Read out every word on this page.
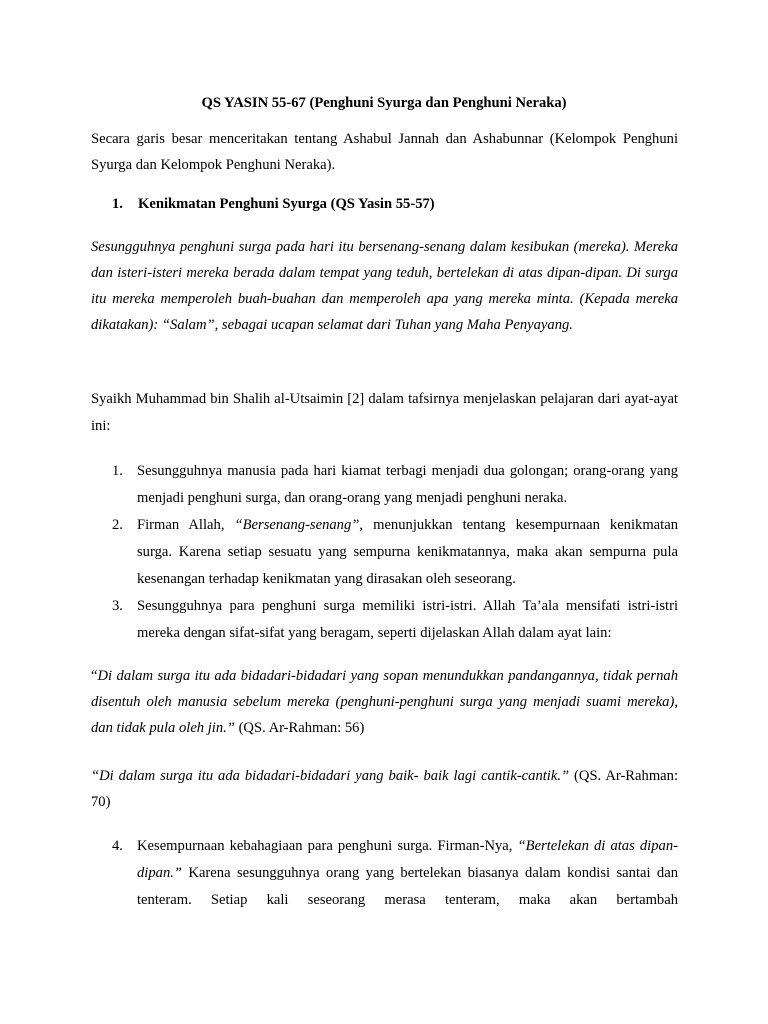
QS YASIN 55-67 (Penghuni Syurga dan Penghuni Neraka)
Secara garis besar menceritakan tentang Ashabul Jannah dan Ashabunnar (Kelompok Penghuni Syurga dan Kelompok Penghuni Neraka).
1. Kenikmatan Penghuni Syurga (QS Yasin 55-57)
Sesungguhnya penghuni surga pada hari itu bersenang-senang dalam kesibukan (mereka). Mereka dan isteri-isteri mereka berada dalam tempat yang teduh, bertelekan di atas dipan-dipan. Di surga itu mereka memperoleh buah-buahan dan memperoleh apa yang mereka minta. (Kepada mereka dikatakan): “Salam”, sebagai ucapan selamat dari Tuhan yang Maha Penyayang.
Syaikh Muhammad bin Shalih al-Utsaimin [2] dalam tafsirnya menjelaskan pelajaran dari ayat-ayat ini:
1. Sesungguhnya manusia pada hari kiamat terbagi menjadi dua golongan; orang-orang yang menjadi penghuni surga, dan orang-orang yang menjadi penghuni neraka.
2. Firman Allah, “Bersenang-senang”, menunjukkan tentang kesempurnaan kenikmatan surga. Karena setiap sesuatu yang sempurna kenikmatannya, maka akan sempurna pula kesenangan terhadap kenikmatan yang dirasakan oleh seseorang.
3. Sesungguhnya para penghuni surga memiliki istri-istri. Allah Ta’ala mensifati istri-istri mereka dengan sifat-sifat yang beragam, seperti dijelaskan Allah dalam ayat lain:
“Di dalam surga itu ada bidadari-bidadari yang sopan menundukkan pandangannya, tidak pernah disentuh oleh manusia sebelum mereka (penghuni-penghuni surga yang menjadi suami mereka), dan tidak pula oleh jin.” (QS. Ar-Rahman: 56)
“Di dalam surga itu ada bidadari-bidadari yang baik- baik lagi cantik-cantik.” (QS. Ar-Rahman: 70)
4. Kesempurnaan kebahagiaan para penghuni surga. Firman-Nya, “Bertelekan di atas dipan-dipan.” Karena sesungguhnya orang yang bertelekan biasanya dalam kondisi santai dan tenteram. Setiap kali seseorang merasa tenteram, maka akan bertambah
